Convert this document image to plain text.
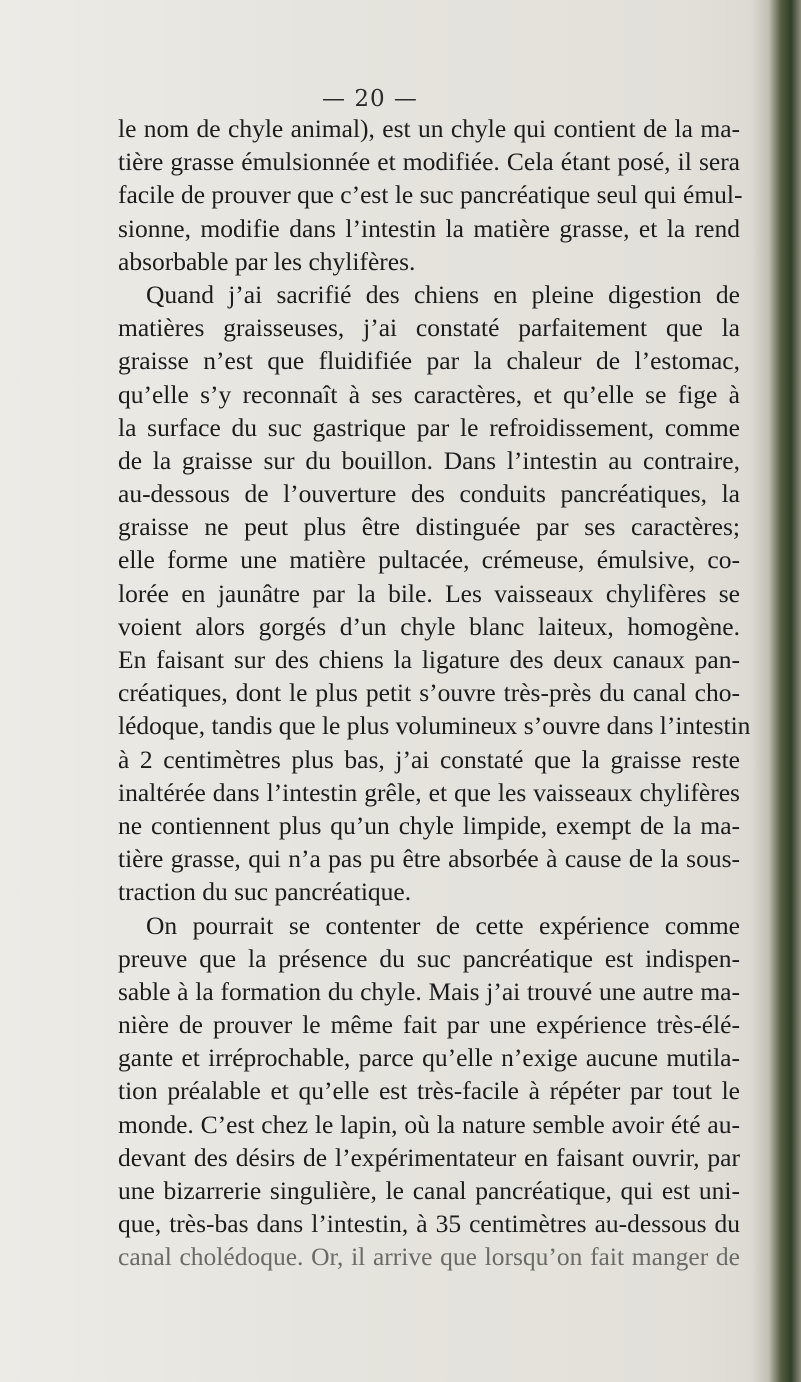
— 20 —
le nom de chyle animal), est un chyle qui contient de la ma-
tière grasse émulsionnée et modifiée. Cela étant posé, il sera
facile de prouver que c’est le suc pancréatique seul qui émul-
sionne, modifie dans l’intestin la matière grasse, et la rend
absorbable par les chylifères.
Quand j’ai sacrifié des chiens en pleine digestion de
matières graisseuses, j’ai constaté parfaitement que la
graisse n’est que fluidifiée par la chaleur de l’estomac,
qu’elle s’y reconnaît à ses caractères, et qu’elle se fige à
la surface du suc gastrique par le refroidissement, comme
de la graisse sur du bouillon. Dans l’intestin au contraire,
au-dessous de l’ouverture des conduits pancréatiques, la
graisse ne peut plus être distinguée par ses caractères;
elle forme une matière pultacée, crémeuse, émulsive, co-
lorée en jaunâtre par la bile. Les vaisseaux chylifères se
voient alors gorgés d’un chyle blanc laiteux, homogène.
En faisant sur des chiens la ligature des deux canaux pan-
créatiques, dont le plus petit s’ouvre très-près du canal cho-
lédoque, tandis que le plus volumineux s’ouvre dans l’intestin
à 2 centimètres plus bas, j’ai constaté que la graisse reste
inaltérée dans l’intestin grêle, et que les vaisseaux chylifères
ne contiennent plus qu’un chyle limpide, exempt de la ma-
tière grasse, qui n’a pas pu être absorbée à cause de la sous-
traction du suc pancréatique.
On pourrait se contenter de cette expérience comme
preuve que la présence du suc pancréatique est indispen-
sable à la formation du chyle. Mais j’ai trouvé une autre ma-
nière de prouver le même fait par une expérience très-élé-
gante et irréprochable, parce qu’elle n’exige aucune mutila-
tion préalable et qu’elle est très-facile à répéter par tout le
monde. C’est chez le lapin, où la nature semble avoir été au-
devant des désirs de l’expérimentateur en faisant ouvrir, par
une bizarrerie singulière, le canal pancréatique, qui est uni-
que, très-bas dans l’intestin, à 35 centimètres au-dessous du
canal cholédoque. Or, il arrive que lorsqu’on fait manger de
